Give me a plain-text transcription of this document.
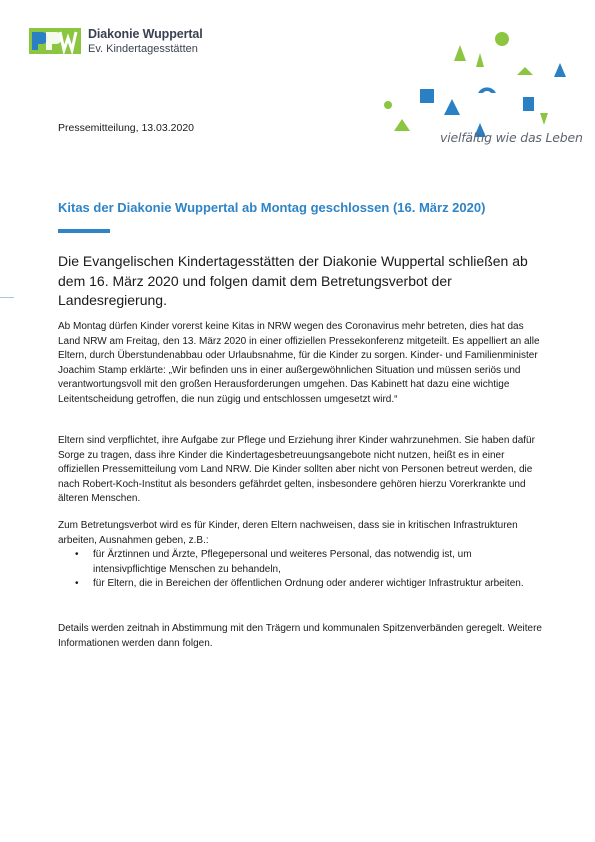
Diakonie Wuppertal
Ev. Kindertagesstätten
vielfältig wie das Leben
Pressemitteilung, 13.03.2020
Kitas der Diakonie Wuppertal ab Montag geschlossen (16. März 2020)
Die Evangelischen Kindertagesstätten der Diakonie Wuppertal schließen ab dem 16. März 2020 und folgen damit dem Betretungsverbot der Landesregierung.
Ab Montag dürfen Kinder vorerst keine Kitas in NRW wegen des Coronavirus mehr betreten, dies hat das Land NRW am Freitag, den 13. März 2020 in einer offiziellen Pressekonferenz mitgeteilt. Es appelliert an alle Eltern, durch Überstundenabbau oder Urlaubsnahme, für die Kinder zu sorgen. Kinder- und Familienminister Joachim Stamp erklärte: „Wir befinden uns in einer außergewöhnlichen Situation und müssen seriös und verantwortungsvoll mit den großen Herausforderungen umgehen. Das Kabinett hat dazu eine wichtige Leitentscheidung getroffen, die nun zügig und entschlossen umgesetzt wird.“
Eltern sind verpflichtet, ihre Aufgabe zur Pflege und Erziehung ihrer Kinder wahrzunehmen. Sie haben dafür Sorge zu tragen, dass ihre Kinder die Kindertagesbetreuungsangebote nicht nutzen, heißt es in einer offiziellen Pressemitteilung vom Land NRW. Die Kinder sollten aber nicht von Personen betreut werden, die nach Robert-Koch-Institut als besonders gefährdet gelten, insbesondere gehören hierzu Vorerkrankte und älteren Menschen.
Zum Betretungsverbot wird es für Kinder, deren Eltern nachweisen, dass sie in kritischen Infrastrukturen arbeiten, Ausnahmen geben, z.B.:
• für Ärztinnen und Ärzte, Pflegepersonal und weiteres Personal, das notwendig ist, um intensivpflichtige Menschen zu behandeln,
• für Eltern, die in Bereichen der öffentlichen Ordnung oder anderer wichtiger Infrastruktur arbeiten.
Details werden zeitnah in Abstimmung mit den Trägern und kommunalen Spitzenverbänden geregelt. Weitere Informationen werden dann folgen.
